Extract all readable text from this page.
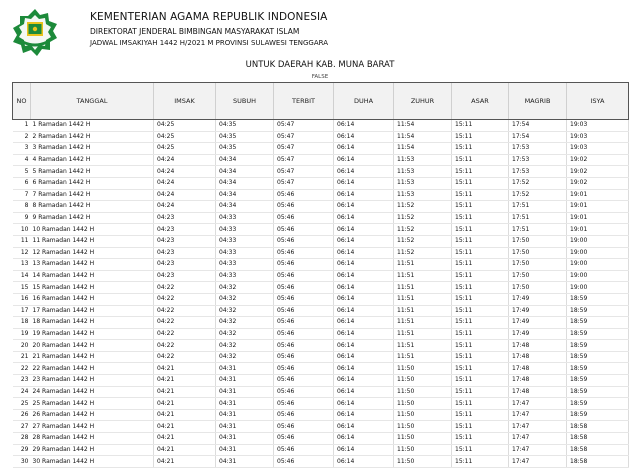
KEMENTERIAN AGAMA REPUBLIK INDONESIA
DIREKTORAT JENDERAL BIMBINGAN MASYARAKAT ISLAM
JADWAL IMSAKIYAH 1442 H/2021 M PROVINSI SULAWESI TENGGARA
UNTUK DAERAH KAB. MUNA BARAT
FALSE
NO	TANGGAL	IMSAK	SUBUH	TERBIT	DUHA	ZUHUR	ASAR	MAGRIB	ISYA
1	1 Ramadan 1442 H	04:25	04:35	05:47	06:14	11:54	15:11	17:54	19:03
2	2 Ramadan 1442 H	04:25	04:35	05:47	06:14	11:54	15:11	17:54	19:03
3	3 Ramadan 1442 H	04:25	04:35	05:47	06:14	11:54	15:11	17:53	19:03
4	4 Ramadan 1442 H	04:24	04:34	05:47	06:14	11:53	15:11	17:53	19:02
5	5 Ramadan 1442 H	04:24	04:34	05:47	06:14	11:53	15:11	17:53	19:02
6	6 Ramadan 1442 H	04:24	04:34	05:47	06:14	11:53	15:11	17:52	19:02
7	7 Ramadan 1442 H	04:24	04:34	05:46	06:14	11:53	15:11	17:52	19:01
8	8 Ramadan 1442 H	04:24	04:34	05:46	06:14	11:52	15:11	17:51	19:01
9	9 Ramadan 1442 H	04:23	04:33	05:46	06:14	11:52	15:11	17:51	19:01
10	10 Ramadan 1442 H	04:23	04:33	05:46	06:14	11:52	15:11	17:51	19:01
11	11 Ramadan 1442 H	04:23	04:33	05:46	06:14	11:52	15:11	17:50	19:00
12	12 Ramadan 1442 H	04:23	04:33	05:46	06:14	11:52	15:11	17:50	19:00
13	13 Ramadan 1442 H	04:23	04:33	05:46	06:14	11:51	15:11	17:50	19:00
14	14 Ramadan 1442 H	04:23	04:33	05:46	06:14	11:51	15:11	17:50	19:00
15	15 Ramadan 1442 H	04:22	04:32	05:46	06:14	11:51	15:11	17:50	19:00
16	16 Ramadan 1442 H	04:22	04:32	05:46	06:14	11:51	15:11	17:49	18:59
17	17 Ramadan 1442 H	04:22	04:32	05:46	06:14	11:51	15:11	17:49	18:59
18	18 Ramadan 1442 H	04:22	04:32	05:46	06:14	11:51	15:11	17:49	18:59
19	19 Ramadan 1442 H	04:22	04:32	05:46	06:14	11:51	15:11	17:49	18:59
20	20 Ramadan 1442 H	04:22	04:32	05:46	06:14	11:51	15:11	17:48	18:59
21	21 Ramadan 1442 H	04:22	04:32	05:46	06:14	11:51	15:11	17:48	18:59
22	22 Ramadan 1442 H	04:21	04:31	05:46	06:14	11:50	15:11	17:48	18:59
23	23 Ramadan 1442 H	04:21	04:31	05:46	06:14	11:50	15:11	17:48	18:59
24	24 Ramadan 1442 H	04:21	04:31	05:46	06:14	11:50	15:11	17:48	18:59
25	25 Ramadan 1442 H	04:21	04:31	05:46	06:14	11:50	15:11	17:47	18:59
26	26 Ramadan 1442 H	04:21	04:31	05:46	06:14	11:50	15:11	17:47	18:59
27	27 Ramadan 1442 H	04:21	04:31	05:46	06:14	11:50	15:11	17:47	18:58
28	28 Ramadan 1442 H	04:21	04:31	05:46	06:14	11:50	15:11	17:47	18:58
29	29 Ramadan 1442 H	04:21	04:31	05:46	06:14	11:50	15:11	17:47	18:58
30	30 Ramadan 1442 H	04:21	04:31	05:46	06:14	11:50	15:11	17:47	18:58
